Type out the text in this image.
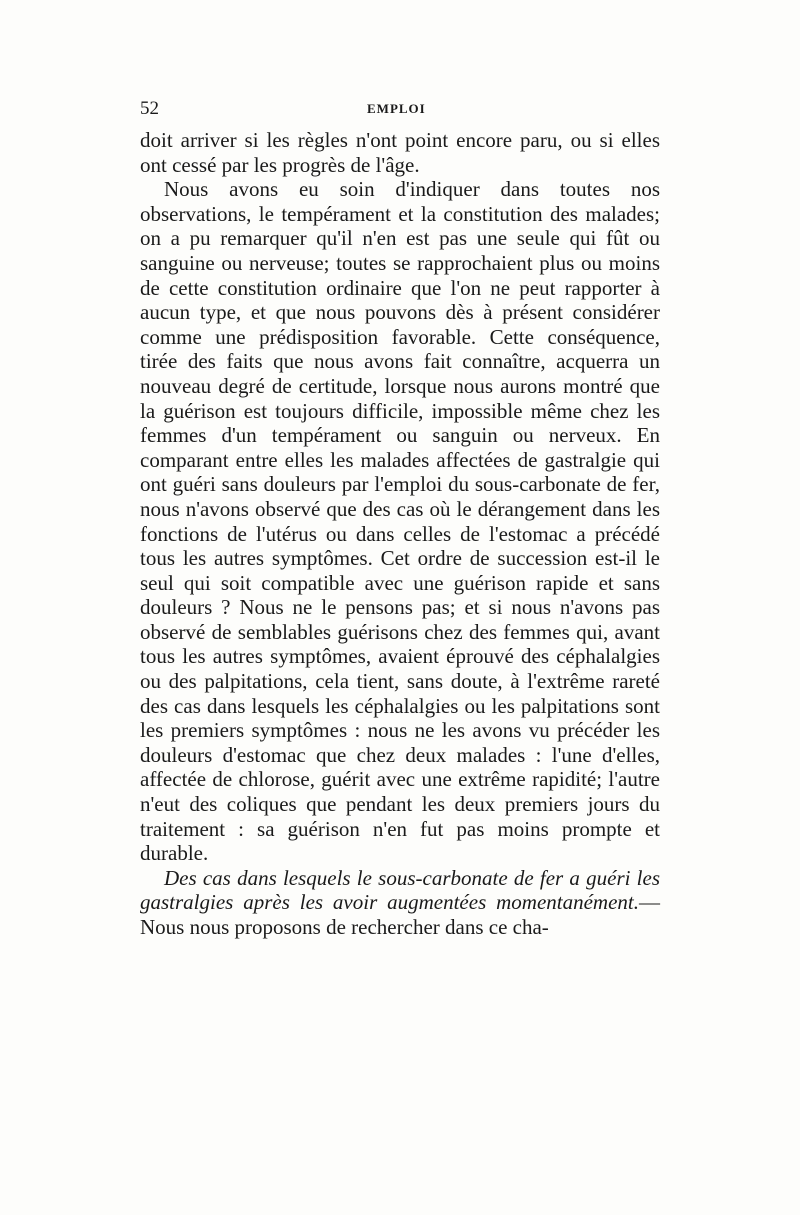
52	EMPLOI

doit arriver si les règles n'ont point encore paru, ou si elles ont cessé par les progrès de l'âge.

Nous avons eu soin d'indiquer dans toutes nos observations, le tempérament et la constitution des malades; on a pu remarquer qu'il n'en est pas une seule qui fût ou sanguine ou nerveuse; toutes se rapprochaient plus ou moins de cette constitution ordinaire que l'on ne peut rapporter à aucun type, et que nous pouvons dès à présent considérer comme une prédisposition favorable. Cette conséquence, tirée des faits que nous avons fait connaître, acquerra un nouveau degré de certitude, lorsque nous aurons montré que la guérison est toujours difficile, impossible même chez les femmes d'un tempérament ou sanguin ou nerveux. En comparant entre elles les malades affectées de gastralgie qui ont guéri sans douleurs par l'emploi du sous-carbonate de fer, nous n'avons observé que des cas où le dérangement dans les fonctions de l'utérus ou dans celles de l'estomac a précédé tous les autres symptômes. Cet ordre de succession est-il le seul qui soit compatible avec une guérison rapide et sans douleurs ? Nous ne le pensons pas; et si nous n'avons pas observé de semblables guérisons chez des femmes qui, avant tous les autres symptômes, avaient éprouvé des céphalalgies ou des palpitations, cela tient, sans doute, à l'extrême rareté des cas dans lesquels les céphalalgies ou les palpitations sont les premiers symptômes : nous ne les avons vu précéder les douleurs d'estomac que chez deux malades : l'une d'elles, affectée de chlorose, guérit avec une extrême rapidité; l'autre n'eut des coliques que pendant les deux premiers jours du traitement : sa guérison n'en fut pas moins prompte et durable.

Des cas dans lesquels le sous-carbonate de fer a guéri les gastralgies après les avoir augmentées momentanément.—Nous nous proposons de rechercher dans ce cha-
